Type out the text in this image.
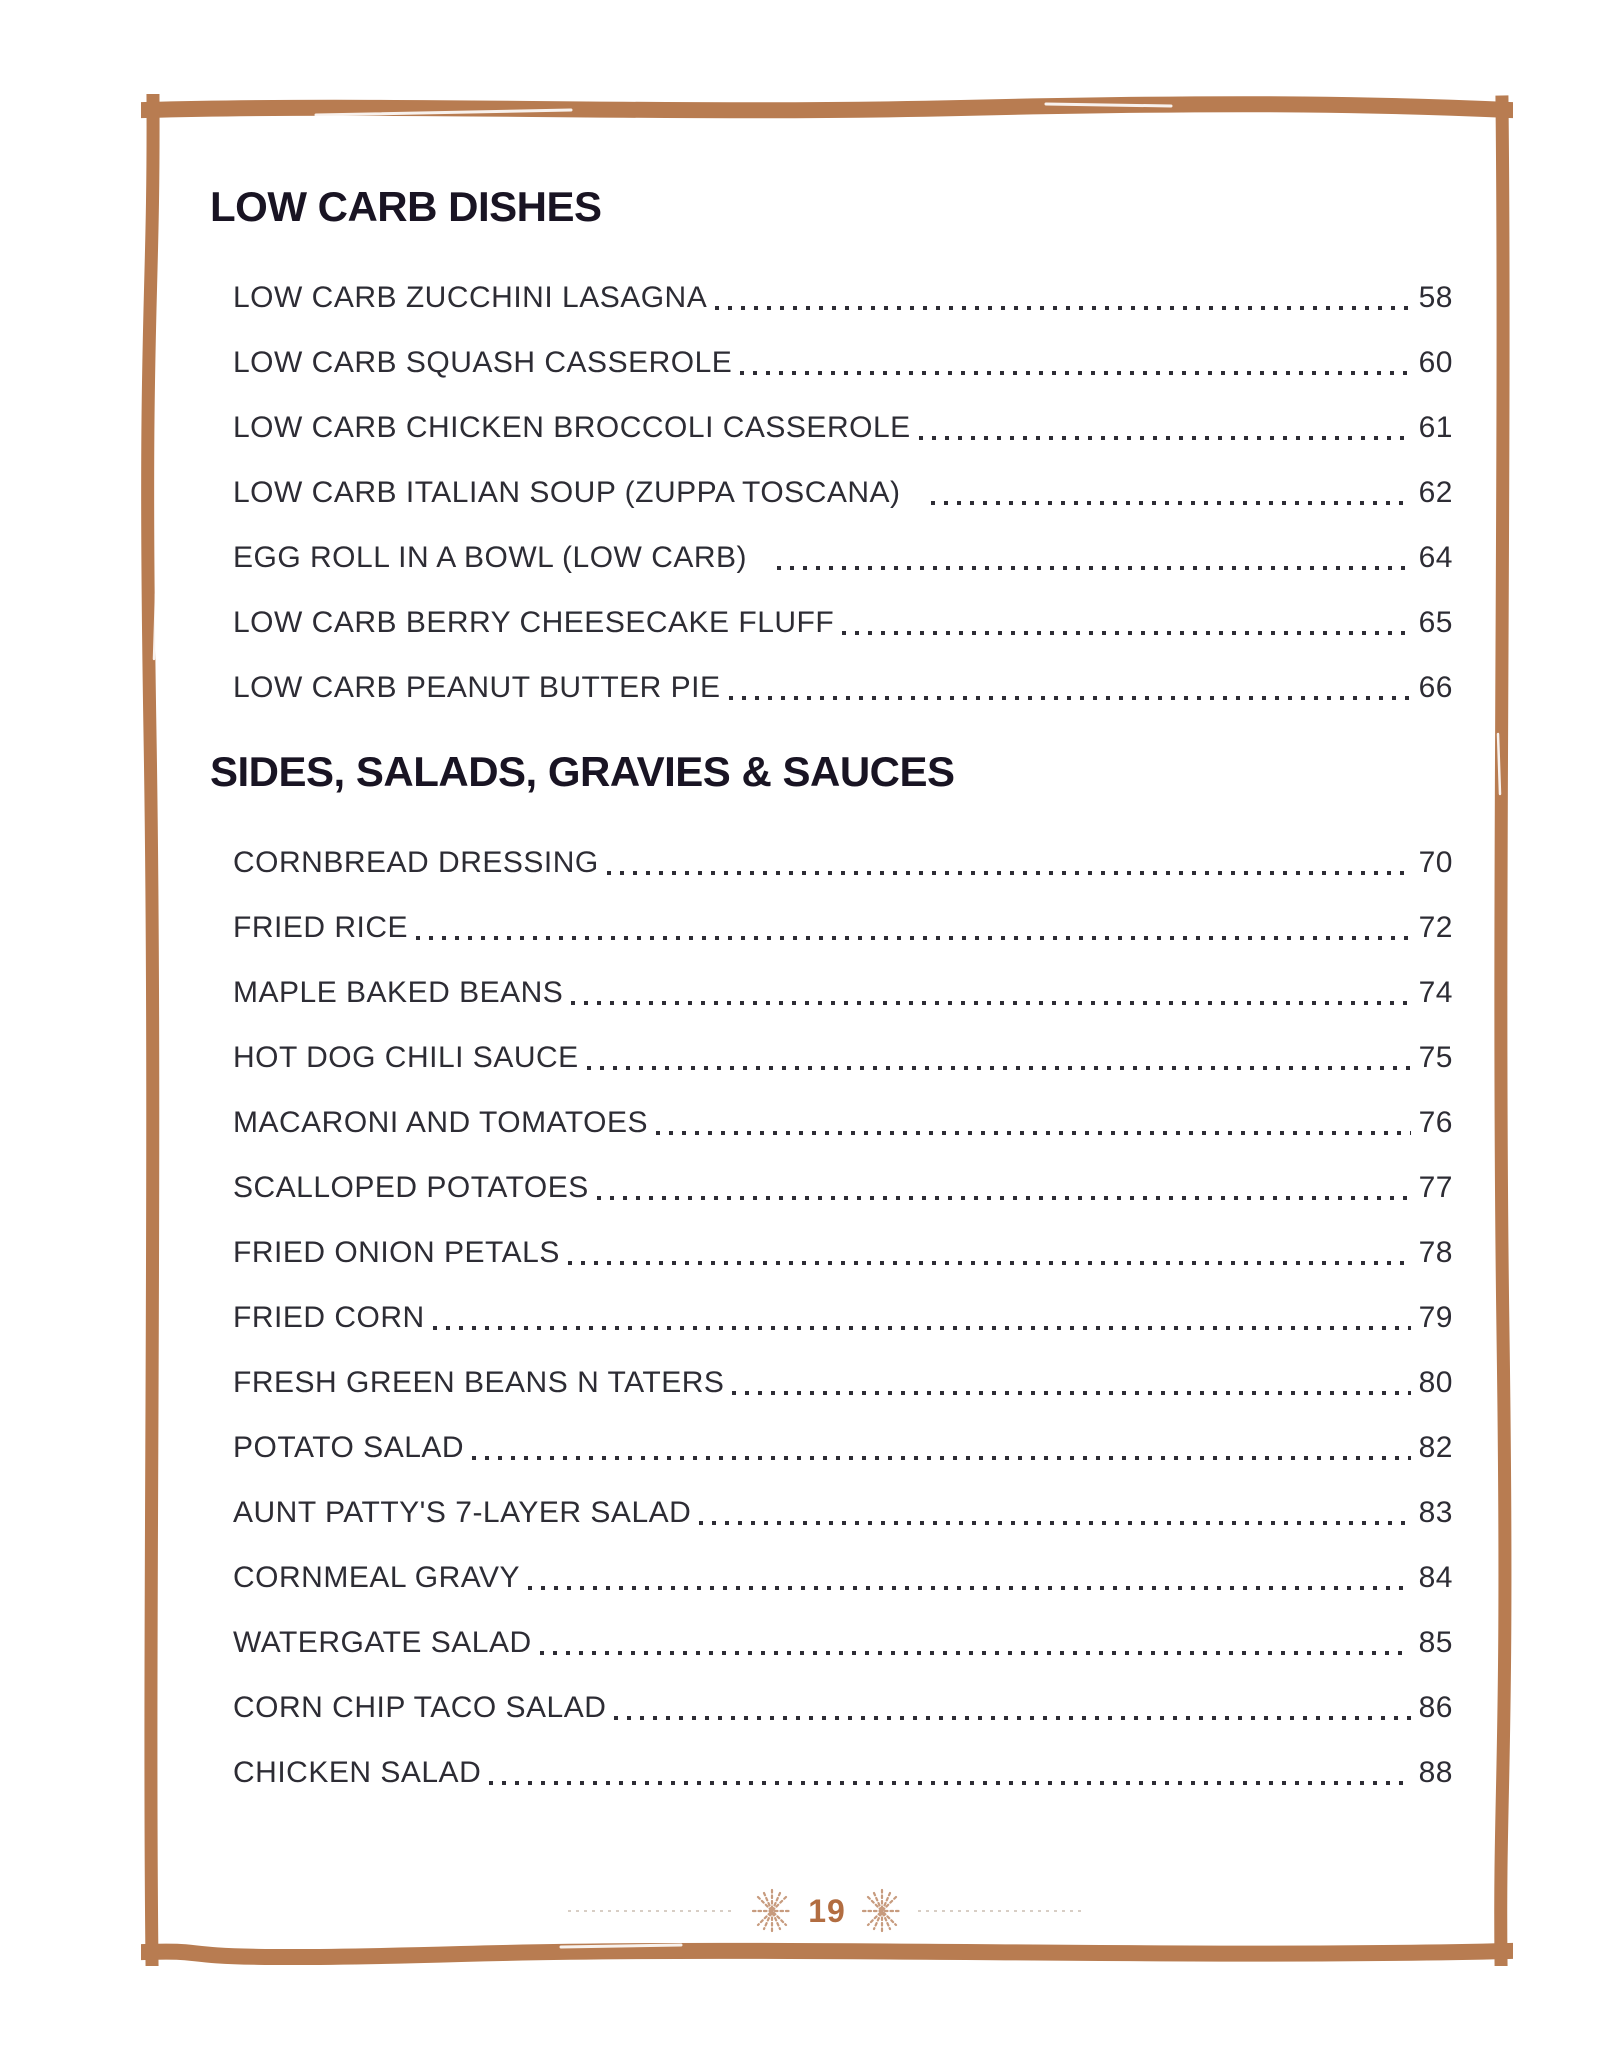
LOW CARB DISHES
LOW CARB ZUCCHINI LASAGNA	58
LOW CARB SQUASH CASSEROLE	60
LOW CARB CHICKEN BROCCOLI CASSEROLE	61
LOW CARB ITALIAN SOUP (ZUPPA TOSCANA)	62
EGG ROLL IN A BOWL (LOW CARB)	64
LOW CARB BERRY CHEESECAKE FLUFF	65
LOW CARB PEANUT BUTTER PIE	66
SIDES, SALADS, GRAVIES & SAUCES
CORNBREAD DRESSING	70
FRIED RICE	72
MAPLE BAKED BEANS	74
HOT DOG CHILI SAUCE	75
MACARONI AND TOMATOES	76
SCALLOPED POTATOES	77
FRIED ONION PETALS	78
FRIED CORN	79
FRESH GREEN BEANS N TATERS	80
POTATO SALAD	82
AUNT PATTY'S 7-LAYER SALAD	83
CORNMEAL GRAVY	84
WATERGATE SALAD	85
CORN CHIP TACO SALAD	86
CHICKEN SALAD	88
19
